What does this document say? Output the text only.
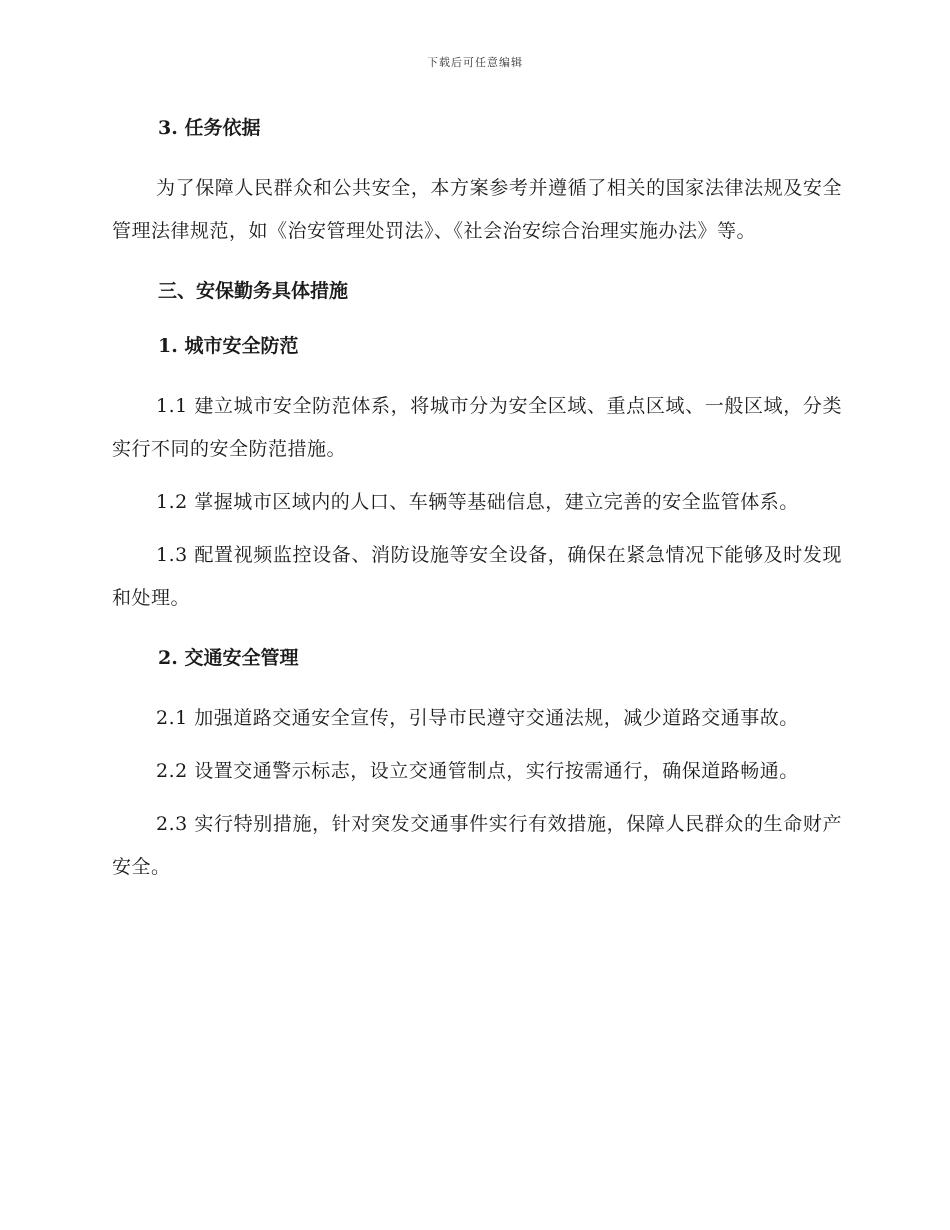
下载后可任意编辑
3. 任务依据

为了保障人民群众和公共安全，本方案参考并遵循了相关的国家法律法规及安全管理法律规范，如《治安管理处罚法》、《社会治安综合治理实施办法》等。

三、安保勤务具体措施
1. 城市安全防范

1.1 建立城市安全防范体系，将城市分为安全区域、重点区域、一般区域，分类实行不同的安全防范措施。

1.2 掌握城市区域内的人口、车辆等基础信息，建立完善的安全监管体系。

1.3 配置视频监控设备、消防设施等安全设备，确保在紧急情况下能够及时发现和处理。

2. 交通安全管理

2.1 加强道路交通安全宣传，引导市民遵守交通法规，减少道路交通事故。

2.2 设置交通警示标志，设立交通管制点，实行按需通行，确保道路畅通。

2.3 实行特别措施，针对突发交通事件实行有效措施，保障人民群众的生命财产安全。
